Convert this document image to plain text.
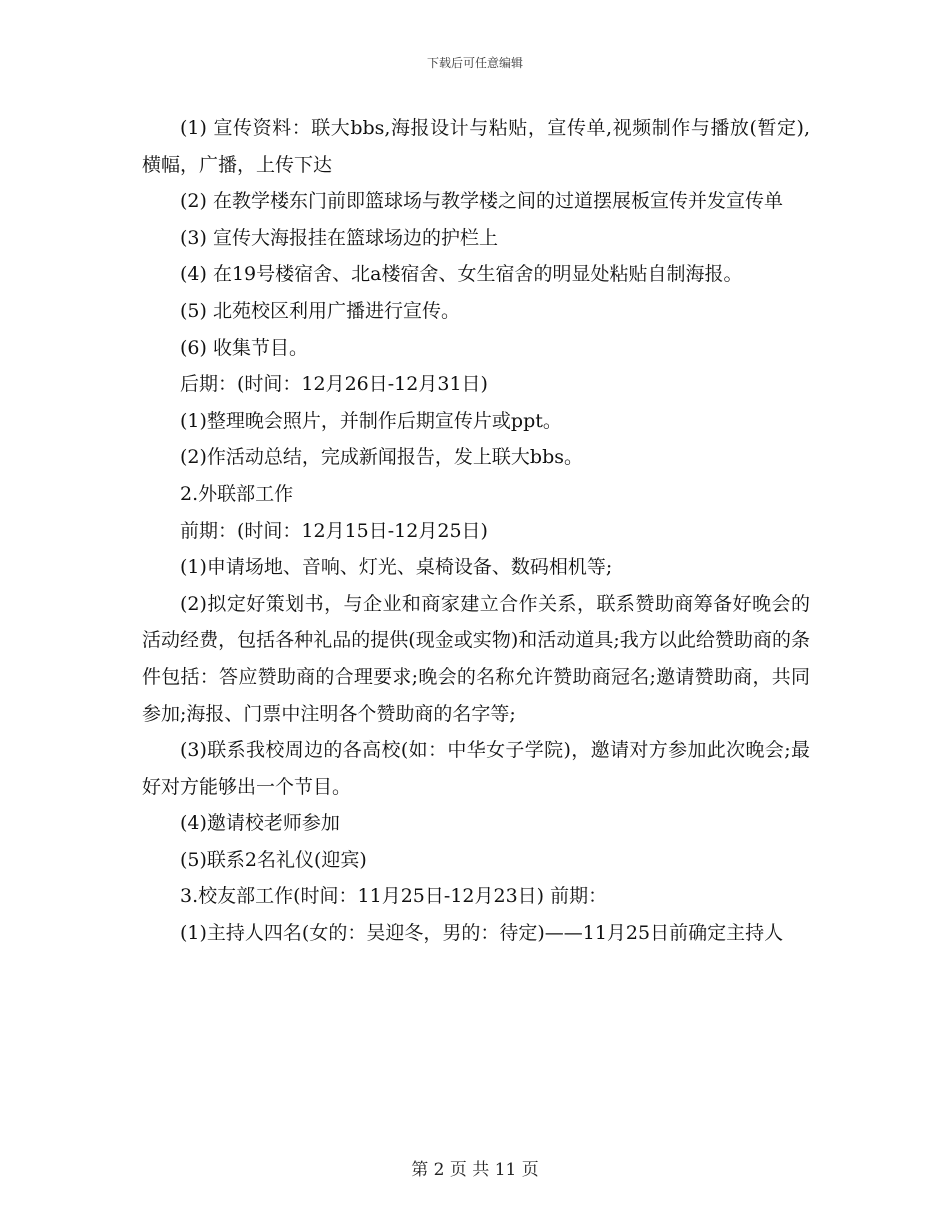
下载后可任意编辑

(1) 宣传资料：联大bbs,海报设计与粘贴，宣传单,视频制作与播放(暂定),横幅，广播，上传下达

(2) 在教学楼东门前即篮球场与教学楼之间的过道摆展板宣传并发宣传单

(3) 宣传大海报挂在篮球场边的护栏上

(4) 在19号楼宿舍、北a楼宿舍、女生宿舍的明显处粘贴自制海报。

(5) 北苑校区利用广播进行宣传。

(6) 收集节目。

后期：(时间：12月26日-12月31日)

(1)整理晚会照片，并制作后期宣传片或ppt。

(2)作活动总结，完成新闻报告，发上联大bbs。

2.外联部工作

前期：(时间：12月15日-12月25日)

(1)申请场地、音响、灯光、桌椅设备、数码相机等;

(2)拟定好策划书，与企业和商家建立合作关系，联系赞助商筹备好晚会的活动经费，包括各种礼品的提供(现金或实物)和活动道具;我方以此给赞助商的条件包括：答应赞助商的合理要求;晚会的名称允许赞助商冠名;邀请赞助商，共同参加;海报、门票中注明各个赞助商的名字等;

(3)联系我校周边的各高校(如：中华女子学院)，邀请对方参加此次晚会;最好对方能够出一个节目。

(4)邀请校老师参加

(5)联系2名礼仪(迎宾)

3.校友部工作(时间：11月25日-12月23日) 前期：

(1)主持人四名(女的：吴迎冬，男的：待定)——11月25日前确定主持人

第 2 页 共 11 页
